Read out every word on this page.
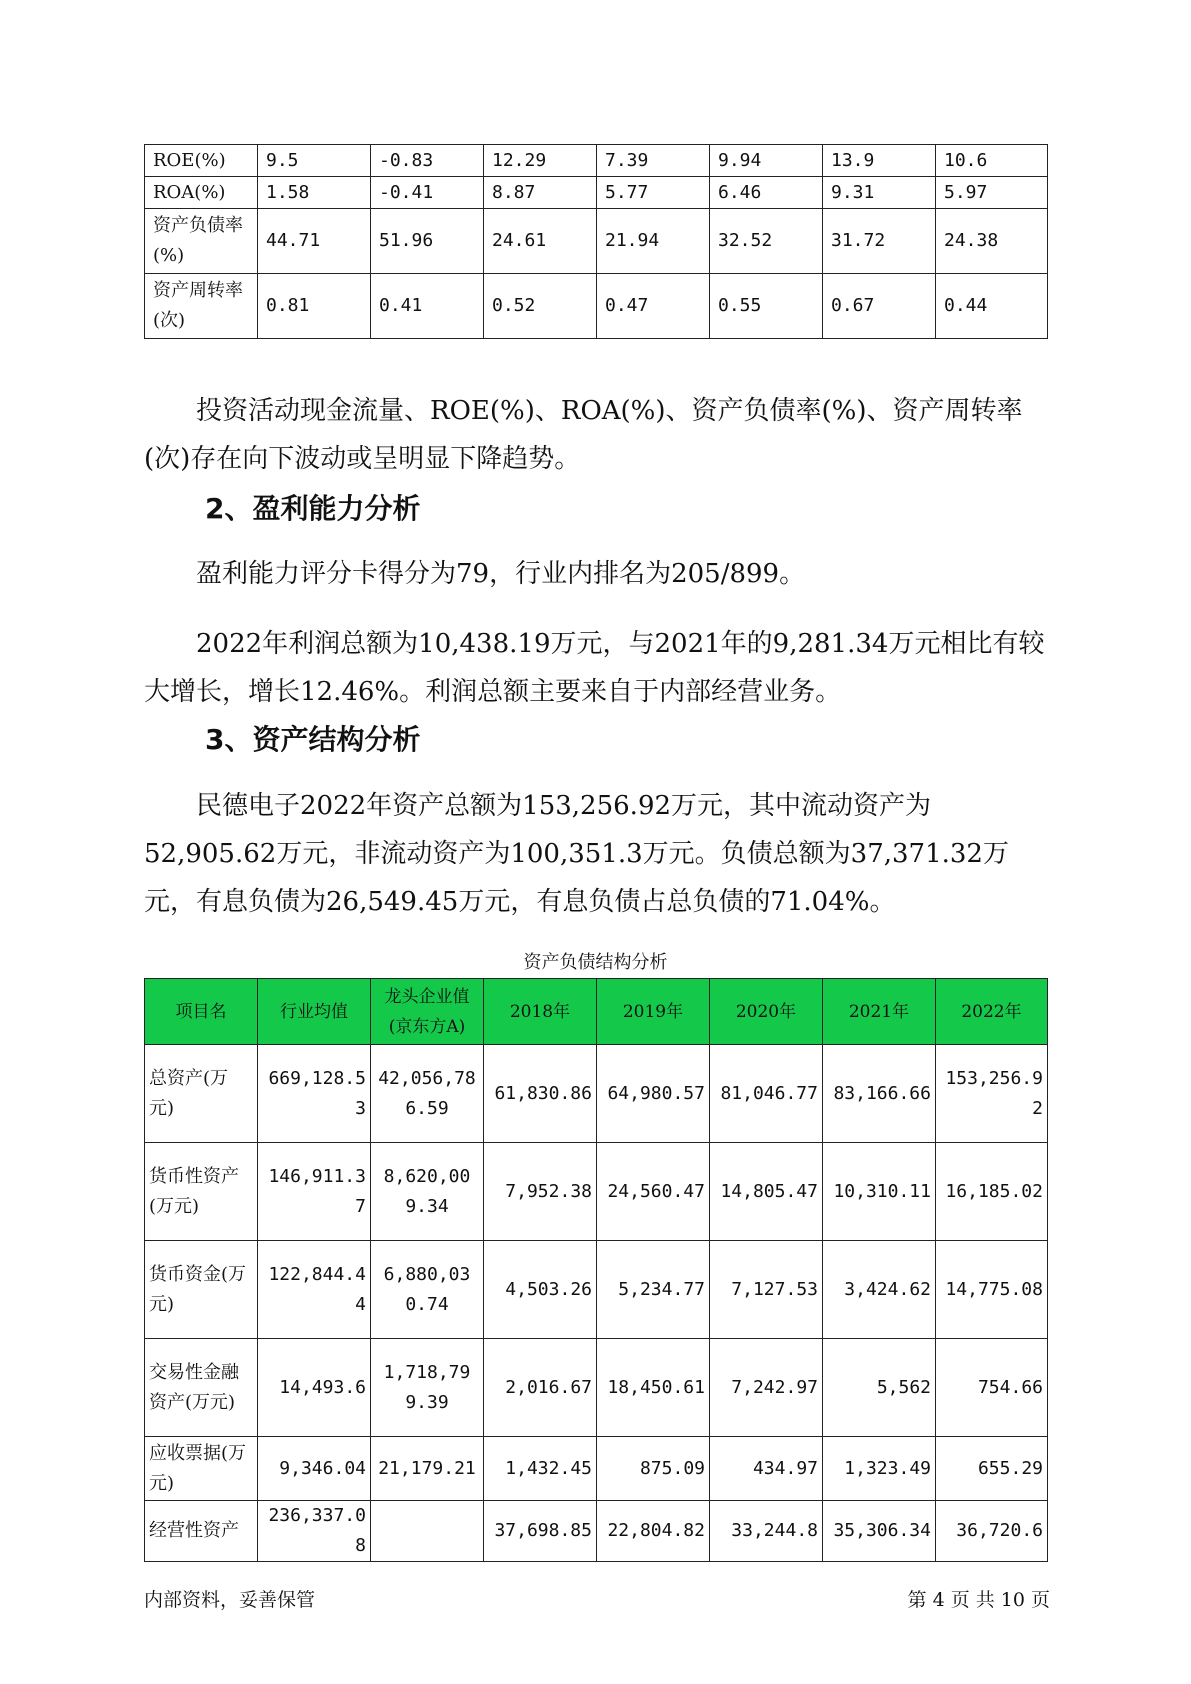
ROE(%)	9.5	-0.83	12.29	7.39	9.94	13.9	10.6
ROA(%)	1.58	-0.41	8.87	5.77	6.46	9.31	5.97
资产负债率(%)	44.71	51.96	24.61	21.94	32.52	31.72	24.38
资产周转率(次)	0.81	0.41	0.52	0.47	0.55	0.67	0.44

投资活动现金流量、ROE(%)、ROA(%)、资产负债率(%)、资产周转率(次)存在向下波动或呈明显下降趋势。

2、盈利能力分析

盈利能力评分卡得分为79，行业内排名为205/899。

2022年利润总额为10,438.19万元，与2021年的9,281.34万元相比有较大增长，增长12.46%。利润总额主要来自于内部经营业务。

3、资产结构分析

民德电子2022年资产总额为153,256.92万元，其中流动资产为52,905.62万元，非流动资产为100,351.3万元。负债总额为37,371.32万元，有息负债为26,549.45万元，有息负债占总负债的71.04%。

资产负债结构分析
项目名	行业均值	龙头企业值(京东方A)	2018年	2019年	2020年	2021年	2022年
总资产(万元)	669,128.53	42,056,786.59	61,830.86	64,980.57	81,046.77	83,166.66	153,256.92
货币性资产(万元)	146,911.37	8,620,009.34	7,952.38	24,560.47	14,805.47	10,310.11	16,185.02
货币资金(万元)	122,844.44	6,880,030.74	4,503.26	5,234.77	7,127.53	3,424.62	14,775.08
交易性金融资产(万元)	14,493.6	1,718,799.39	2,016.67	18,450.61	7,242.97	5,562	754.66
应收票据(万元)	9,346.04	21,179.21	1,432.45	875.09	434.97	1,323.49	655.29
经营性资产	236,337.08		37,698.85	22,804.82	33,244.8	35,306.34	36,720.6
内部资料，妥善保管	第 4 页 共 10 页
